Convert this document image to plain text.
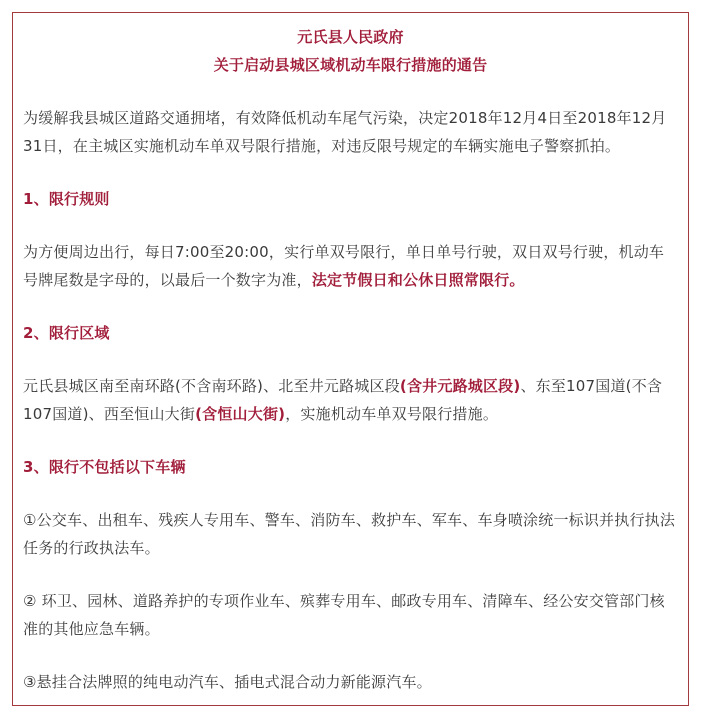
元氏县人民政府
关于启动县城区域机动车限行措施的通告

为缓解我县城区道路交通拥堵，有效降低机动车尾气污染，决定2018年12月4日至2018年12月31日，在主城区实施机动车单双号限行措施，对违反限号规定的车辆实施电子警察抓拍。

1、限行规则

为方便周边出行，每日7:00至20:00，实行单双号限行，单日单号行驶，双日双号行驶，机动车号牌尾数是字母的，以最后一个数字为准，法定节假日和公休日照常限行。

2、限行区域

元氏县城区南至南环路(不含南环路)、北至井元路城区段(含井元路城区段)、东至107国道(不含107国道)、西至恒山大街(含恒山大街)，实施机动车单双号限行措施。

3、限行不包括以下车辆

①公交车、出租车、残疾人专用车、警车、消防车、救护车、军车、车身喷涂统一标识并执行执法任务的行政执法车。

② 环卫、园林、道路养护的专项作业车、殡葬专用车、邮政专用车、清障车、经公安交管部门核准的其他应急车辆。

③悬挂合法牌照的纯电动汽车、插电式混合动力新能源汽车。
